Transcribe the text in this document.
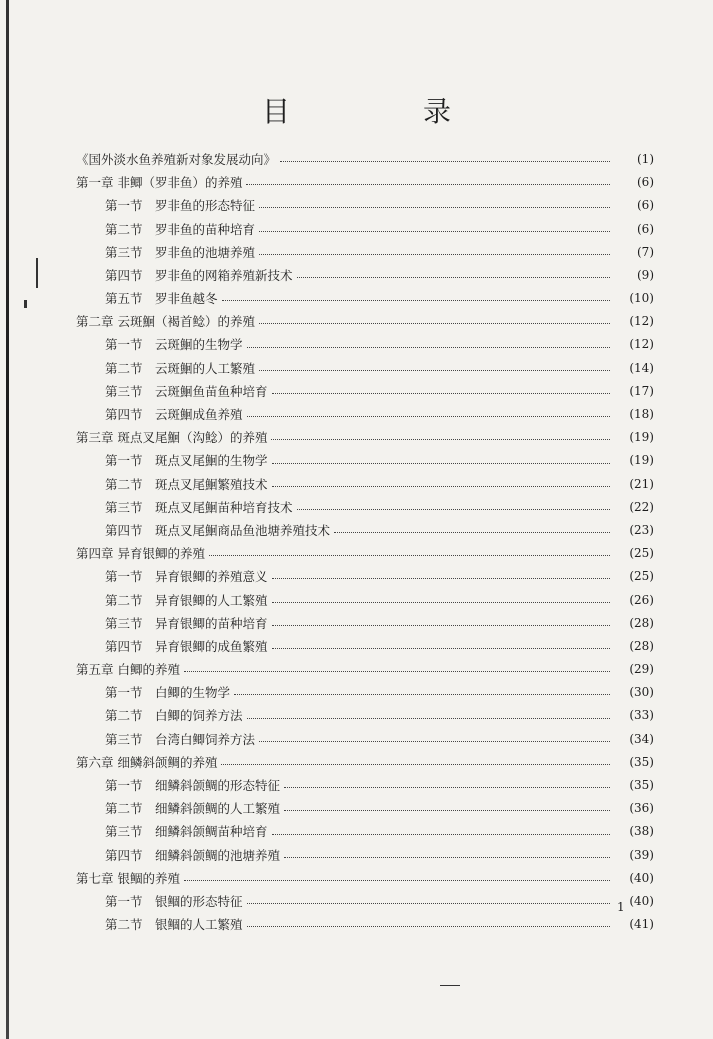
目 录
《国外淡水鱼养殖新对象发展动向》	(1)
第一章 非鲫（罗非鱼）的养殖	(6)
第一节　罗非鱼的形态特征	(6)
第二节　罗非鱼的苗种培育	(6)
第三节　罗非鱼的池塘养殖	(7)
第四节　罗非鱼的网箱养殖新技术	(9)
第五节　罗非鱼越冬	(10)
第二章 云斑鮰（褐首鲶）的养殖	(12)
第一节　云斑鮰的生物学	(12)
第二节　云斑鮰的人工繁殖	(14)
第三节　云斑鮰鱼苗鱼种培育	(17)
第四节　云斑鮰成鱼养殖	(18)
第三章 斑点叉尾鮰（沟鲶）的养殖	(19)
第一节　斑点叉尾鮰的生物学	(19)
第二节　斑点叉尾鮰繁殖技术	(21)
第三节　斑点叉尾鮰苗种培育技术	(22)
第四节　斑点叉尾鮰商品鱼池塘养殖技术	(23)
第四章 异育银鲫的养殖	(25)
第一节　异育银鲫的养殖意义	(25)
第二节　异育银鲫的人工繁殖	(26)
第三节　异育银鲫的苗种培育	(28)
第四节　异育银鲫的成鱼繁殖	(28)
第五章 白鲫的养殖	(29)
第一节　白鲫的生物学	(30)
第二节　白鲫的饲养方法	(33)
第三节　台湾白鲫饲养方法	(34)
第六章 细鳞斜颌鲷的养殖	(35)
第一节　细鳞斜颌鲷的形态特征	(35)
第二节　细鳞斜颌鲷的人工繁殖	(36)
第三节　细鳞斜颌鲷苗种培育	(38)
第四节　细鳞斜颌鲷的池塘养殖	(39)
第七章 银鲴的养殖	(40)
第一节　银鲴的形态特征	(40)
第二节　银鲴的人工繁殖	(41)
1
